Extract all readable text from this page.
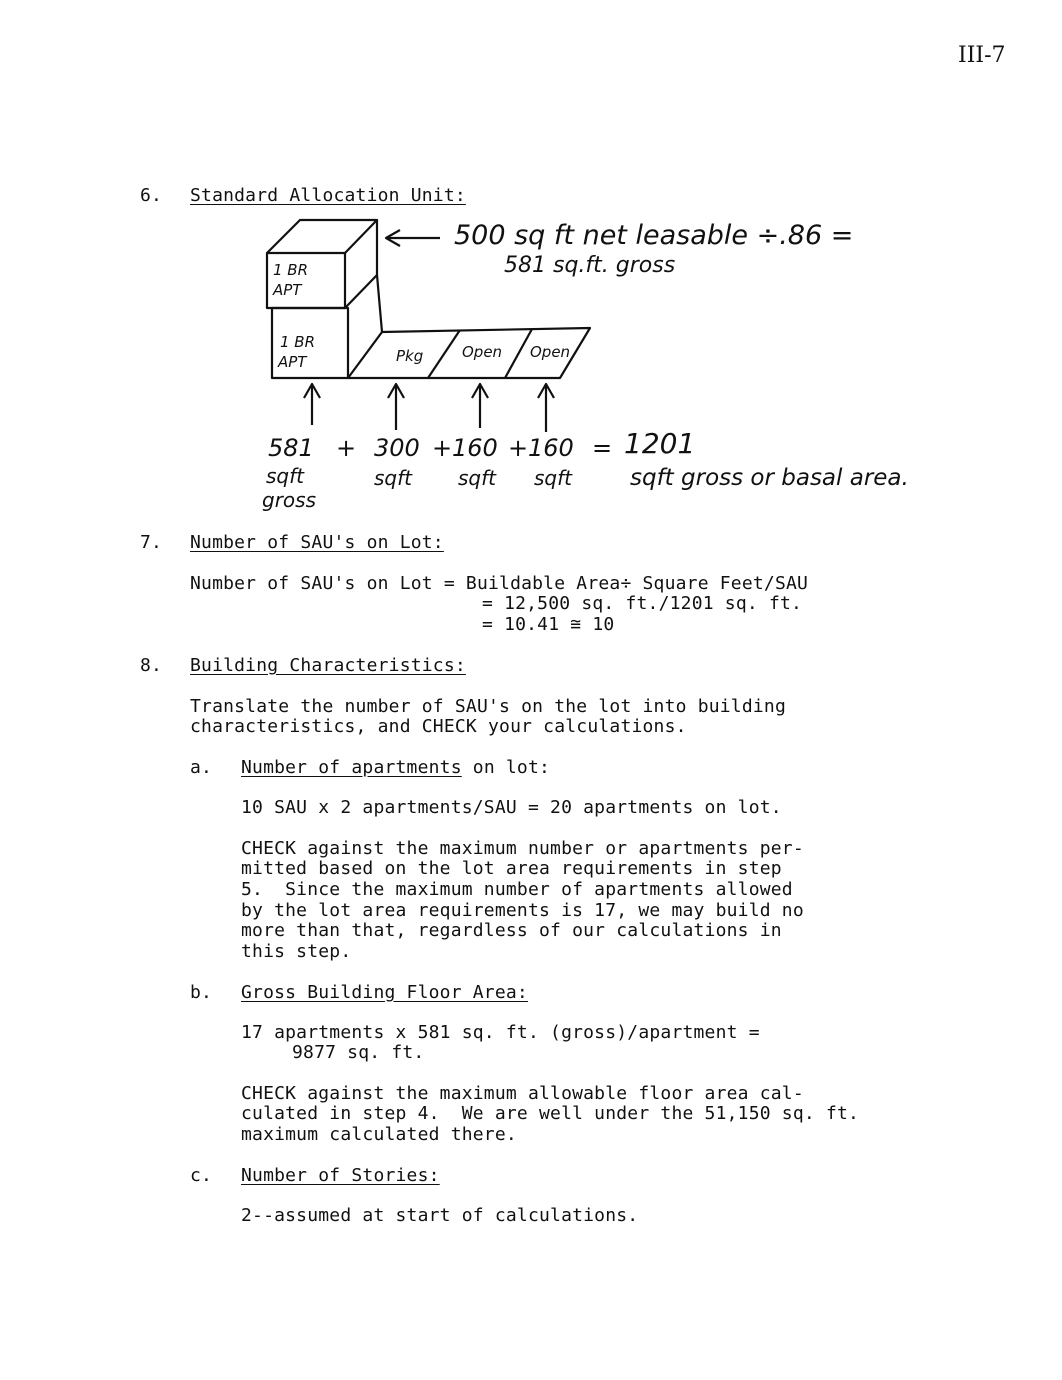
III-7
6. Standard Allocation Unit:
1 BR
APT
1 BR
APT	Pkg	Open Open
500 sq ft net leasable ÷.86 =
581 sq.ft. gross
581 + 300 + 160 + 160 = 1201
sqft
gross
sqft sqft sqft	sqft gross or basal area.
7. Number of SAU's on Lot:
Number of SAU's on Lot = Buildable Area÷ Square Feet/SAU
= 12,500 sq. ft./1201 sq. ft.
= 10.41 ≅ 10
8. Building Characteristics:
Translate the number of SAU's on the lot into building
characteristics, and CHECK your calculations.
a. Number of apartments on lot:
10 SAU x 2 apartments/SAU = 20 apartments on lot.
CHECK against the maximum number or apartments per-
mitted based on the lot area requirements in step
5.  Since the maximum number of apartments allowed
by the lot area requirements is 17, we may build no
more than that, regardless of our calculations in
this step.
b. Gross Building Floor Area:
17 apartments x 581 sq. ft. (gross)/apartment =
9877 sq. ft.
CHECK against the maximum allowable floor area cal-
culated in step 4.  We are well under the 51,150 sq. ft.
maximum calculated there.
c. Number of Stories:
2--assumed at start of calculations.
